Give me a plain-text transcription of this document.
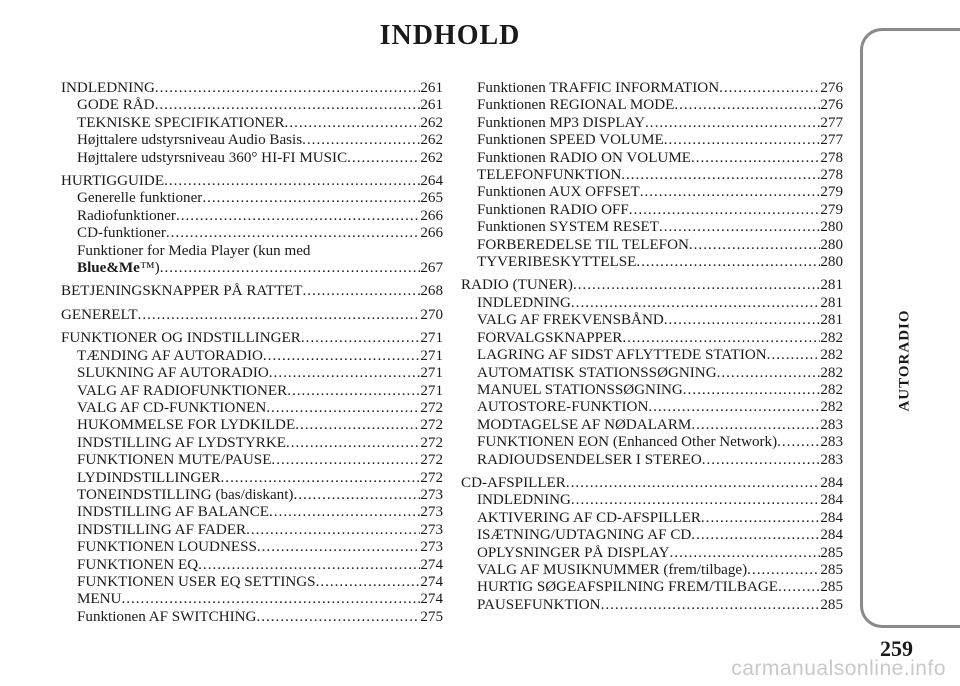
INDHOLD
INDLEDNING .....	261
GODE RÅD .....	261
TEKNISKE SPECIFIKATIONER .....	262
Højttalere udstyrsniveau Audio Basis .....	262
Højttalere udstyrsniveau 360° HI-FI MUSIC .....	262
HURTIGGUIDE .....	264
Generelle funktioner .....	265
Radiofunktioner .....	266
CD-funktioner .....	266
Funktioner for Media Player (kun med
Blue&Me™) .....	267
BETJENINGSKNAPPER PÅ RATTET .....	268
GENERELT .....	270
FUNKTIONER OG INDSTILLINGER .....	271
TÆNDING AF AUTORADIO .....	271
SLUKNING AF AUTORADIO .....	271
VALG AF RADIOFUNKTIONER .....	271
VALG AF CD-FUNKTIONEN .....	272
HUKOMMELSE FOR LYDKILDE .....	272
INDSTILLING AF LYDSTYRKE .....	272
FUNKTIONEN MUTE/PAUSE .....	272
LYDINDSTILLINGER .....	272
TONEINDSTILLING (bas/diskant) .....	273
INDSTILLING AF BALANCE .....	273
INDSTILLING AF FADER .....	273
FUNKTIONEN LOUDNESS .....	273
FUNKTIONEN EQ .....	274
FUNKTIONEN USER EQ SETTINGS .....	274
MENU .....	274
Funktionen AF SWITCHING .....	275
Funktionen TRAFFIC INFORMATION .....	276
Funktionen REGIONAL MODE .....	276
Funktionen MP3 DISPLAY .....	277
Funktionen SPEED VOLUME .....	277
Funktionen RADIO ON VOLUME .....	278
TELEFONFUNKTION .....	278
Funktionen AUX OFFSET .....	279
Funktionen RADIO OFF .....	279
Funktionen SYSTEM RESET .....	280
FORBEREDELSE TIL TELEFON .....	280
TYVERIBESKYTTELSE .....	280
RADIO (TUNER) .....	281
INDLEDNING .....	281
VALG AF FREKVENSBÅND .....	281
FORVALGSKNAPPER .....	282
LAGRING AF SIDST AFLYTTEDE STATION .....	282
AUTOMATISK STATIONSSØGNING .....	282
MANUEL STATIONSSØGNING .....	282
AUTOSTORE-FUNKTION .....	282
MODTAGELSE AF NØDALARM .....	283
FUNKTIONEN EON (Enhanced Other Network) .....	283
RADIOUDSENDELSER I STEREO .....	283
CD-AFSPILLER .....	284
INDLEDNING .....	284
AKTIVERING AF CD-AFSPILLER .....	284
ISÆTNING/UDTAGNING AF CD .....	284
OPLYSNINGER PÅ DISPLAY .....	285
VALG AF MUSIKNUMMER (frem/tilbage) .....	285
HURTIG SØGEAFSPILNING FREM/TILBAGE .....	285
PAUSEFUNKTION .....	285
AUTORADIO
259
carmanualsonline.info
